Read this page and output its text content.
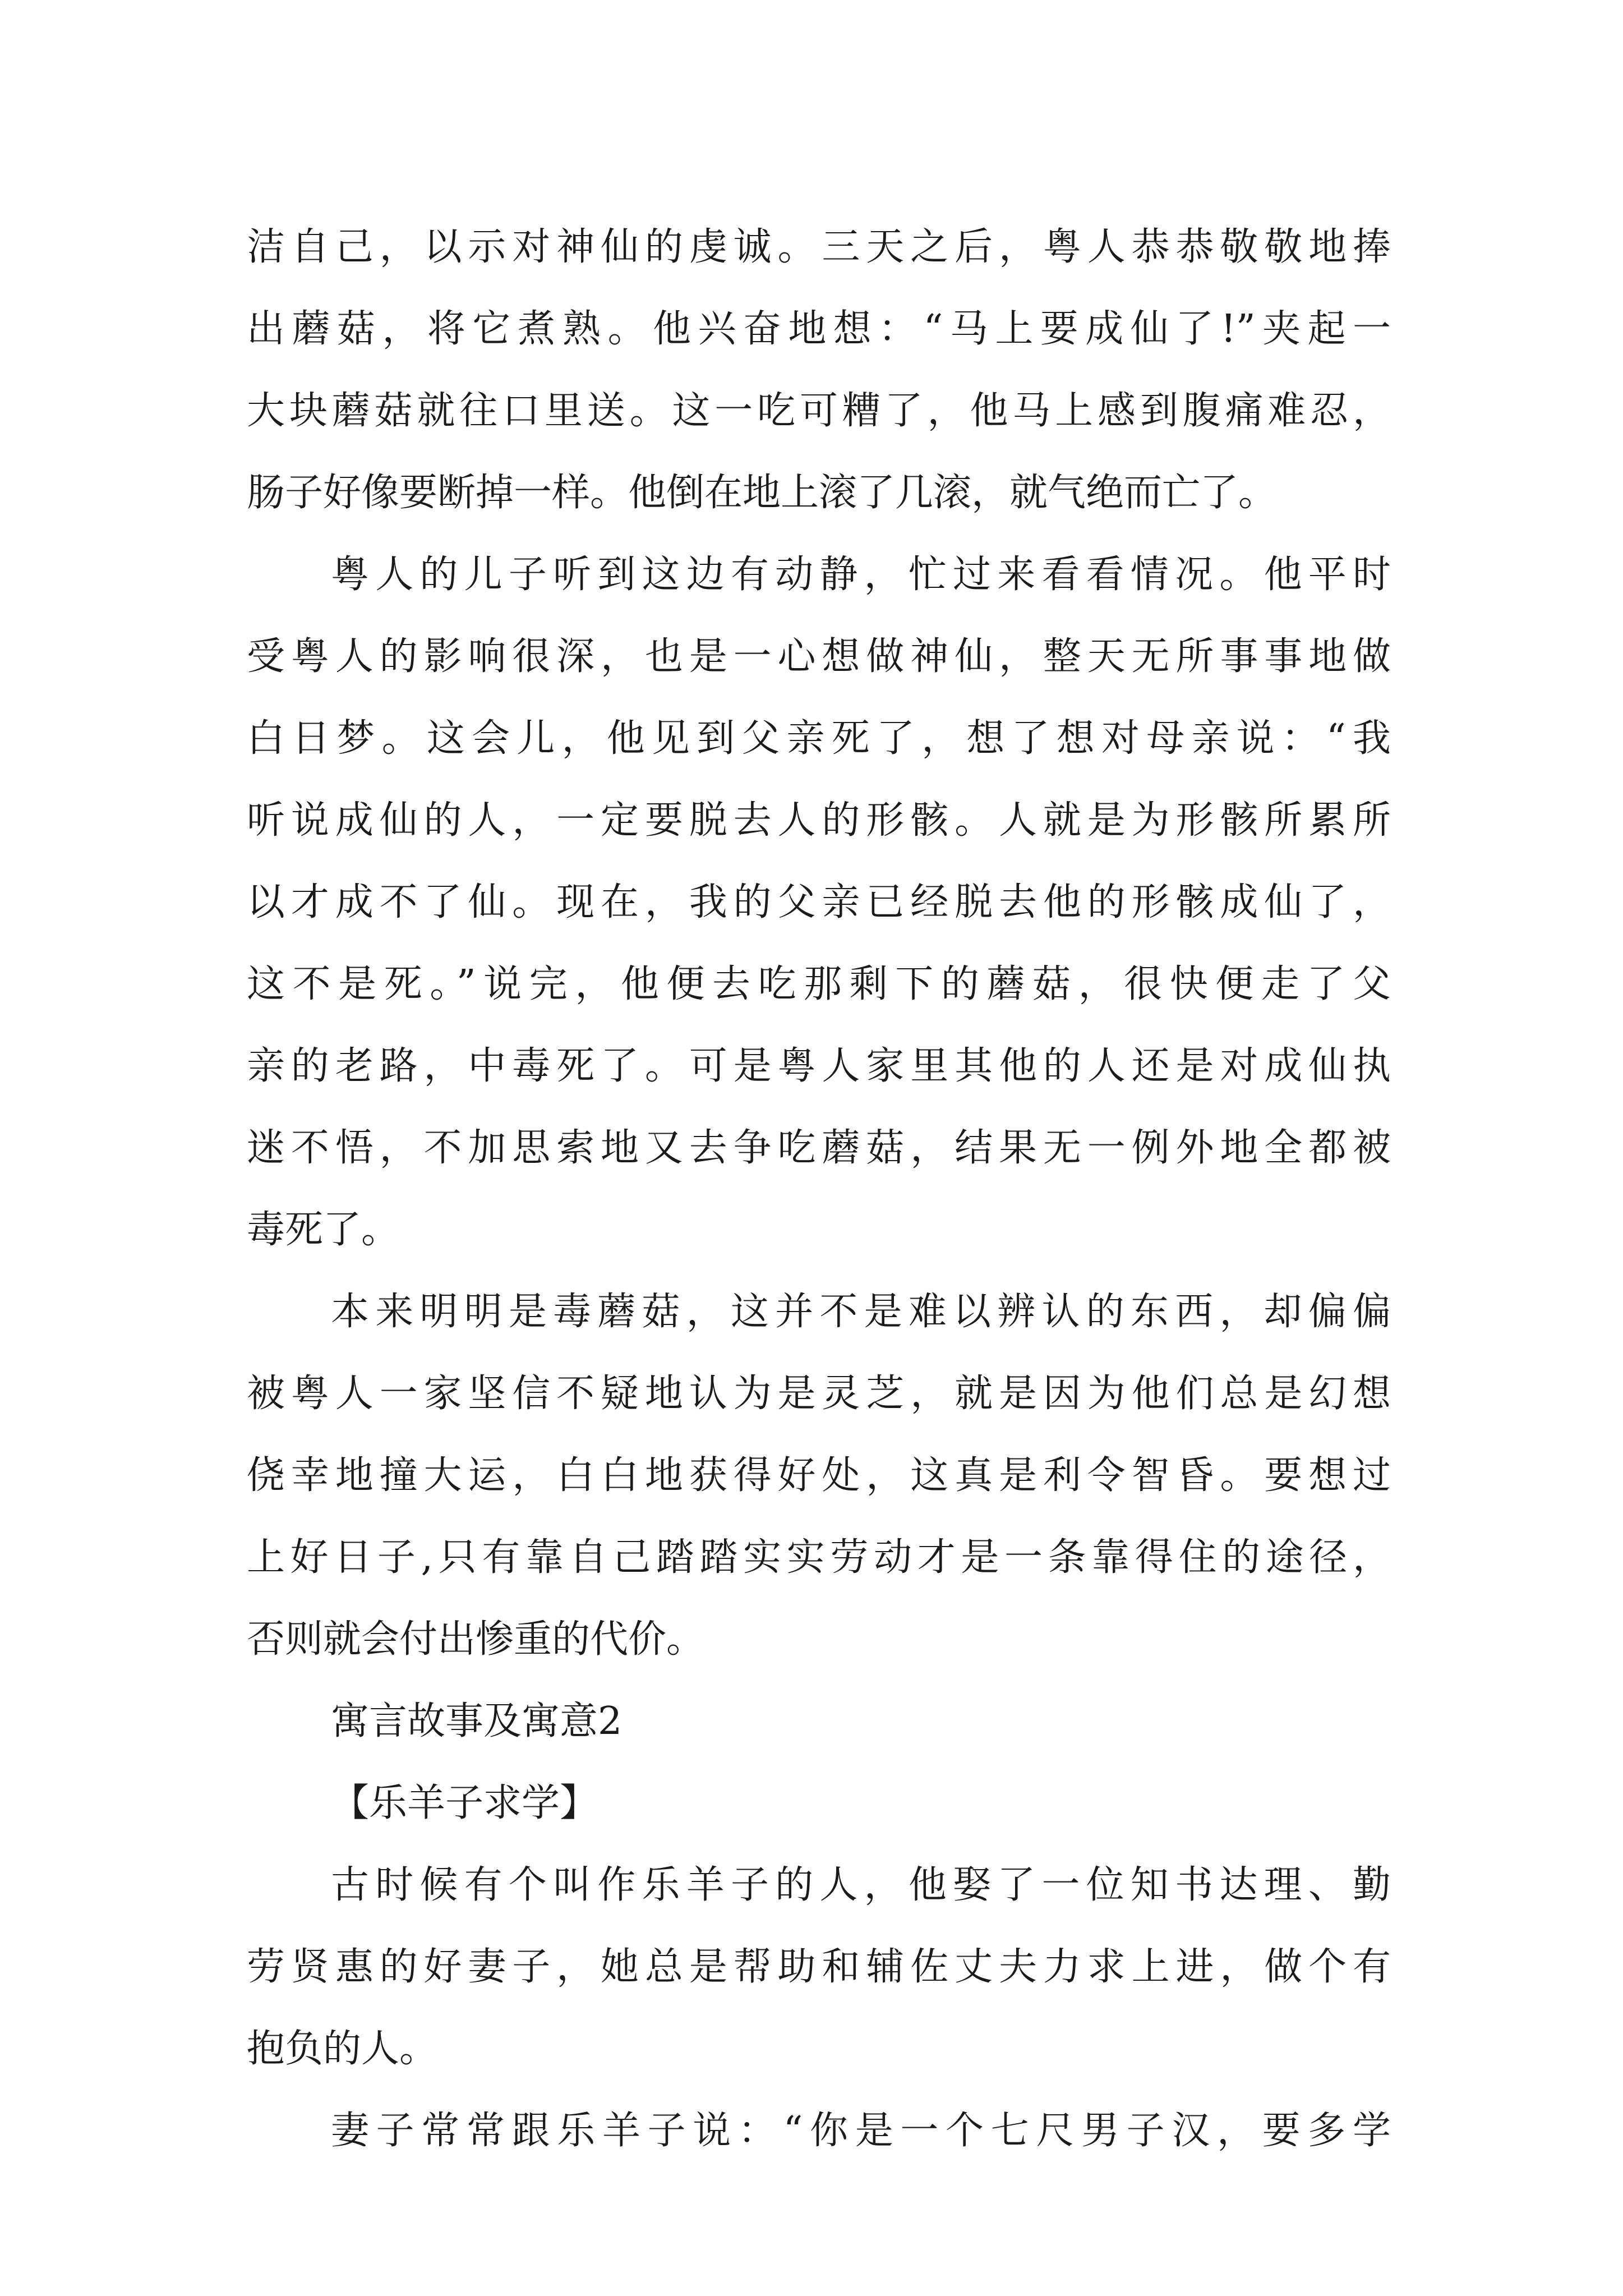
洁自己，以示对神仙的虔诚。三天之后，粤人恭恭敬敬地捧
出蘑菇，将它煮熟。他兴奋地想：“马上要成仙了!”夹起一
大块蘑菇就往口里送。这一吃可糟了，他马上感到腹痛难忍，
肠子好像要断掉一样。他倒在地上滚了几滚，就气绝而亡了。
粤人的儿子听到这边有动静，忙过来看看情况。他平时
受粤人的影响很深，也是一心想做神仙，整天无所事事地做
白日梦。这会儿，他见到父亲死了，想了想对母亲说：“我
听说成仙的人，一定要脱去人的形骸。人就是为形骸所累所
以才成不了仙。现在，我的父亲已经脱去他的形骸成仙了，
这不是死。”说完，他便去吃那剩下的蘑菇，很快便走了父
亲的老路，中毒死了。可是粤人家里其他的人还是对成仙执
迷不悟，不加思索地又去争吃蘑菇，结果无一例外地全都被
毒死了。
本来明明是毒蘑菇，这并不是难以辨认的东西，却偏偏
被粤人一家坚信不疑地认为是灵芝，就是因为他们总是幻想
侥幸地撞大运，白白地获得好处，这真是利令智昏。要想过
上好日子,只有靠自己踏踏实实劳动才是一条靠得住的途径，
否则就会付出惨重的代价。
寓言故事及寓意2
【乐羊子求学】
古时候有个叫作乐羊子的人，他娶了一位知书达理、勤
劳贤惠的好妻子，她总是帮助和辅佐丈夫力求上进，做个有
抱负的人。
妻子常常跟乐羊子说：“你是一个七尺男子汉，要多学
